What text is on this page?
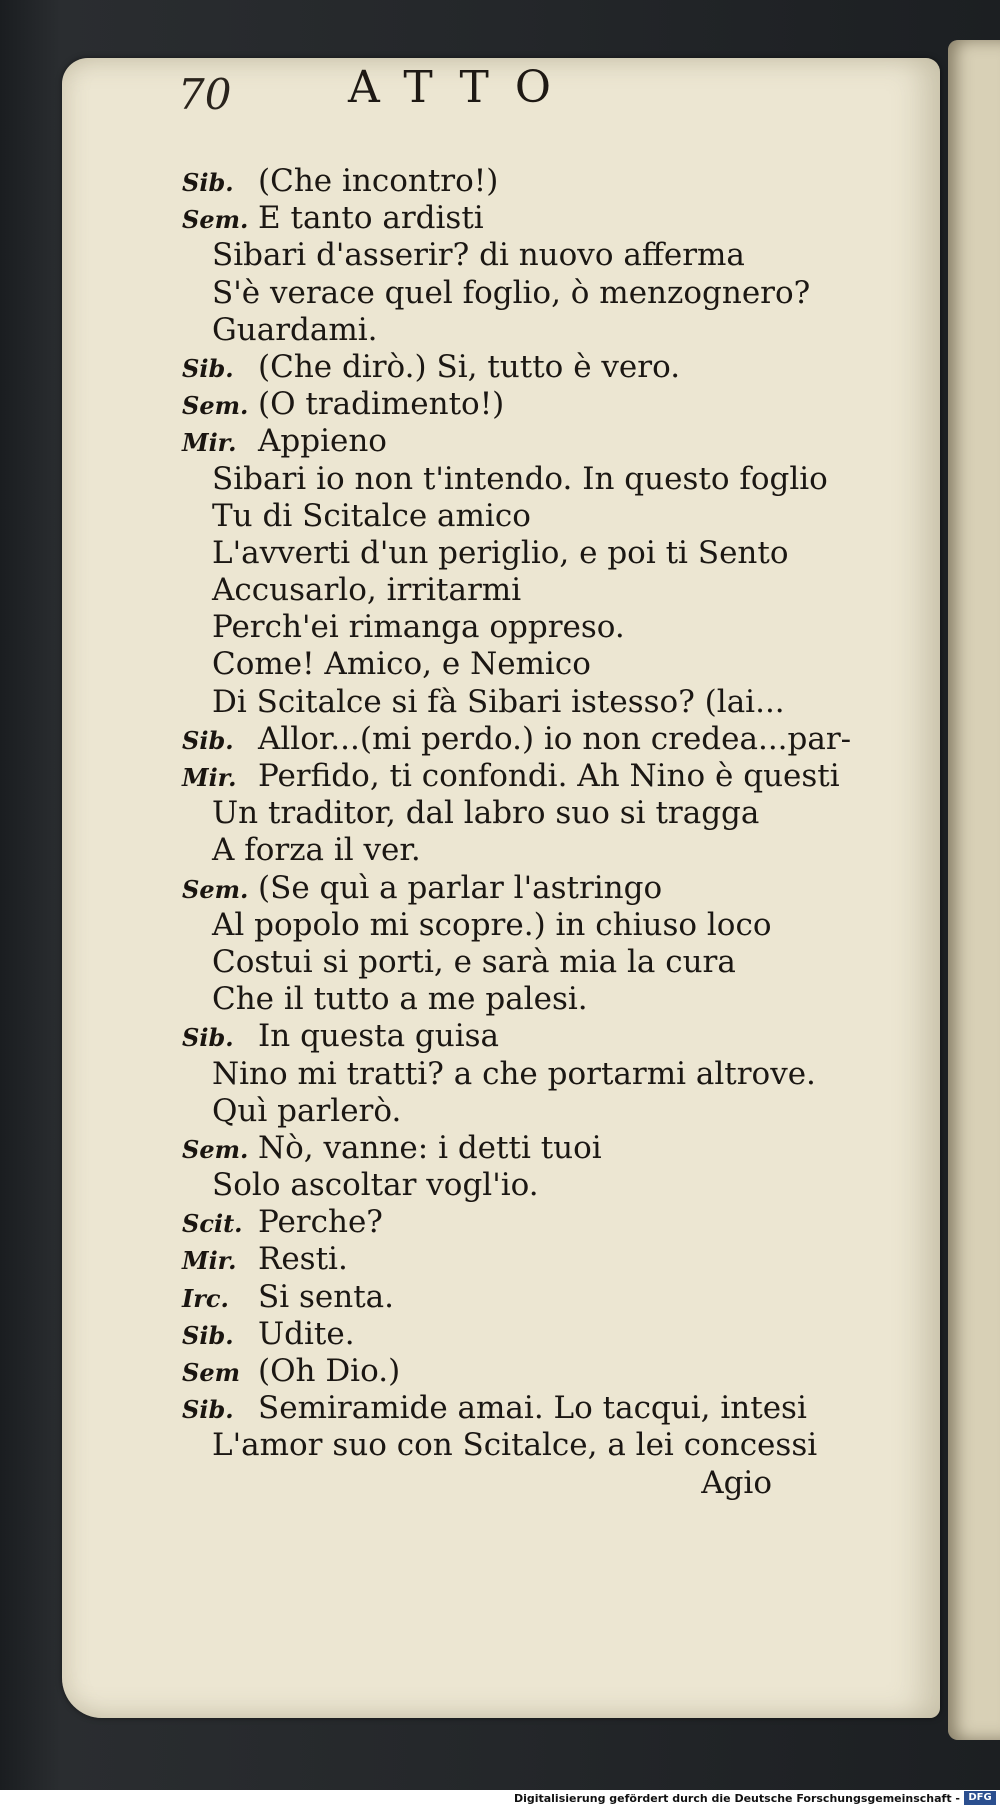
70	ATTO
Sib. (Che incontro!)
Sem. E tanto ardisti
Sibari d'asserir? di nuovo afferma
S'è verace quel foglio, ò menzognero?
Guardami.
Sib. (Che dirò.) Si, tutto è vero.
Sem. (O tradimento!)
Mir. Appieno
Sibari io non t'intendo. In questo foglio
Tu di Scitalce amico
L'avverti d'un periglio, e poi ti Sento
Accusarlo, irritarmi
Perch'ei rimanga oppreso.
Come! Amico, e Nemico
Di Scitalce si fà Sibari istesso? (lai...
Sib. Allor...(mi perdo.) io non credea...par-
Mir. Perfido, ti confondi. Ah Nino è questi
Un traditor, dal labro suo si tragga
A forza il ver.
Sem. (Se quì a parlar l'astringo
Al popolo mi scopre.) in chiuso loco
Costui si porti, e sarà mia la cura
Che il tutto a me palesi.
Sib. In questa guisa
Nino mi tratti? a che portarmi altrove.
Quì parlerò.
Sem. Nò, vanne: i detti tuoi
Solo ascoltar vogl'io.
Scit. Perche?
Mir. Resti.
Irc. Si senta.
Sib. Udite.
Sem (Oh Dio.)
Sib. Semiramide amai. Lo tacqui, intesi
L'amor suo con Scitalce, a lei concessi
Agio
Digitalisierung gefördert durch die Deutsche Forschungsgemeinschaft - DFG
